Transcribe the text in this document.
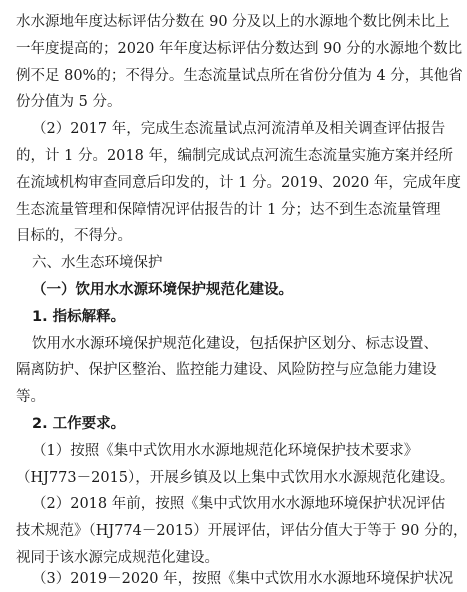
水水源地年度达标评估分数在 90 分及以上的水源地个数比例未比上
一年度提高的；2020 年年度达标评估分数达到 90 分的水源地个数比
例不足 80%的；不得分。生态流量试点所在省份分值为 4 分，其他省
份分值为 5 分。
（2）2017 年，完成生态流量试点河流清单及相关调查评估报告
的，计 1 分。2018 年，编制完成试点河流生态流量实施方案并经所
在流域机构审查同意后印发的，计 1 分。2019、2020 年，完成年度
生态流量管理和保障情况评估报告的计 1 分；达不到生态流量管理
目标的，不得分。
六、水生态环境保护
（一）饮用水水源环境保护规范化建设。
1. 指标解释。
饮用水水源环境保护规范化建设，包括保护区划分、标志设置、
隔离防护、保护区整治、监控能力建设、风险防控与应急能力建设
等。
2. 工作要求。
（1）按照《集中式饮用水水源地规范化环境保护技术要求》
（HJ773－2015），开展乡镇及以上集中式饮用水水源规范化建设。
（2）2018 年前，按照《集中式饮用水水源地环境保护状况评估
技术规范》（HJ774－2015）开展评估，评估分值大于等于 90 分的，
视同于该水源完成规范化建设。
（3）2019－2020 年，按照《集中式饮用水水源地环境保护状况
